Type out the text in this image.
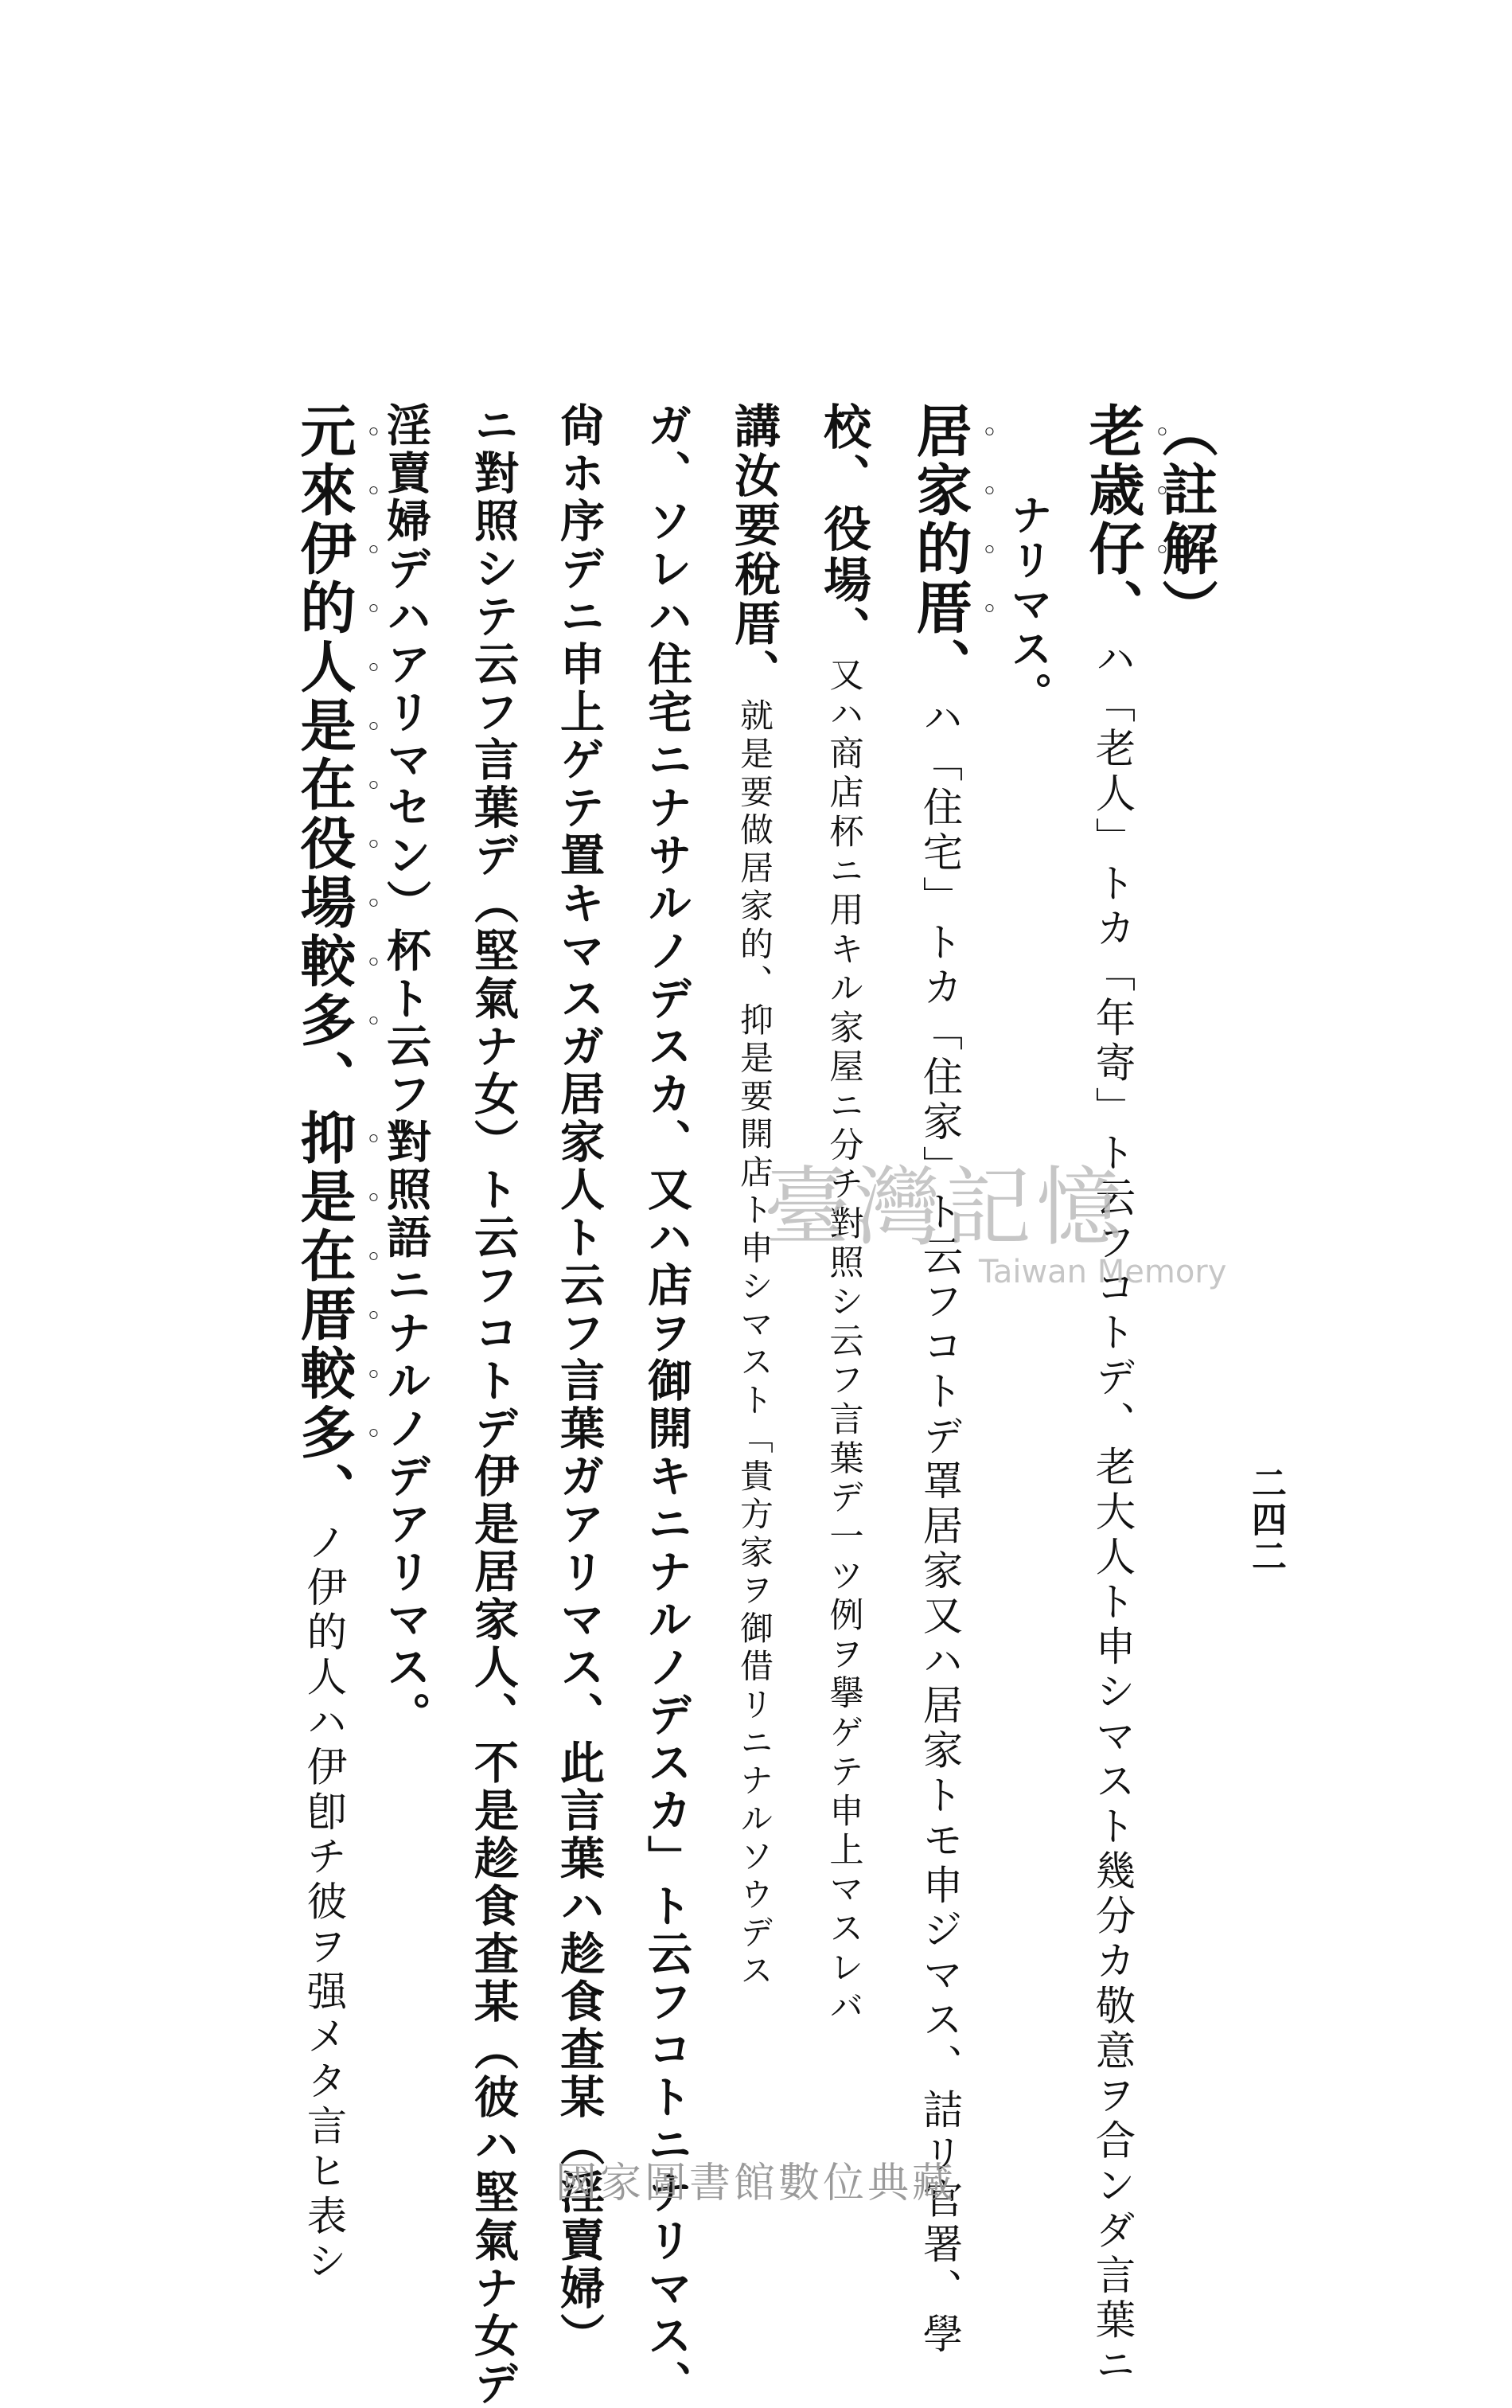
二四二
（註解）
老歳仔、ハ「老人」トカ「年寄」ト云フコトデ、老大人ト申シマスト幾分カ敬意ヲ合ンダ言葉ニ
ナリマス。
居家的厝、ハ「住宅」トカ「住家」ト云フコトデ罩居家又ハ居家トモ申ジマス、詰リ官署、學
校、役場、又ハ商店杯ニ用キル家屋ニ分チ對照シ云フ言葉デ一ツ例ヲ擧ゲテ申上マスレバ
講汝要稅厝、就是要做居家的、抑是要開店ト申シマスト「貴方家ヲ御借リニナルソウデス
ガ、ソレハ住宅ニナサルノデスカ、又ハ店ヲ御開キニナルノデスカ」ト云フコトニナリマス、
尙ホ序デニ申上ゲテ置キマスガ居家人ト云フ言葉ガアリマス、此言葉ハ趁食查某（淫賣婦）
ニ對照シテ云フ言葉デ（堅氣ナ女）ト云フコトデ伊是居家人、不是趁食查某（彼ハ堅氣ナ女デ
淫賣婦デハアリマセン）杯ト云フ對照語ニナルノデアリマス。
元來伊的人是在役場較多、抑是在厝較多、ノ伊的人ハ伊卽チ彼ヲ强メタ言ヒ表シ
臺灣記憶
Taiwan Memory
國家圖書館數位典藏
